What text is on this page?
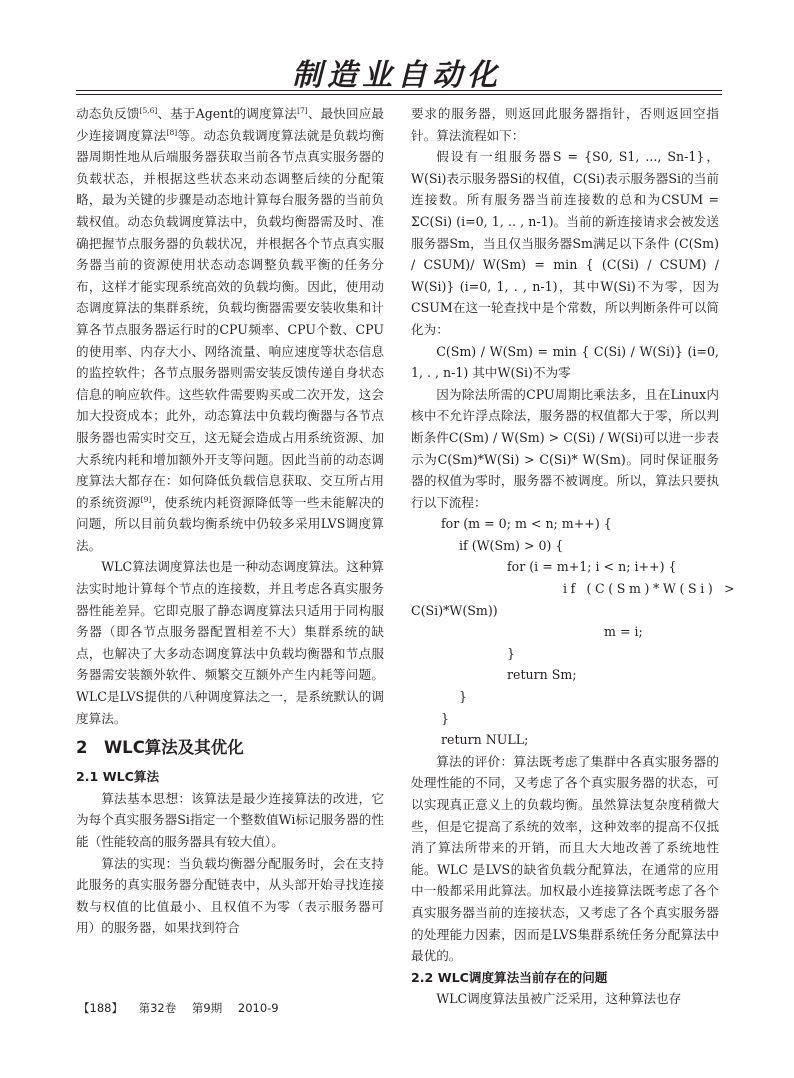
制造业自动化

动态负反馈[5,6]、基于Agent的调度算法[7]、最快回应最少连接调度算法[8]等。动态负载调度算法就是负载均衡器周期性地从后端服务器获取当前各节点真实服务器的负载状态，并根据这些状态来动态调整后续的分配策略，最为关键的步骤是动态地计算每台服务器的当前负载权值。动态负载调度算法中，负载均衡器需及时、准确把握节点服务器的负载状况，并根据各个节点真实服务器当前的资源使用状态动态调整负载平衡的任务分布，这样才能实现系统高效的负载均衡。因此，使用动态调度算法的集群系统，负载均衡器需要安装收集和计算各节点服务器运行时的CPU频率、CPU个数、CPU的使用率、内存大小、网络流量、响应速度等状态信息的监控软件；各节点服务器则需安装反馈传递自身状态信息的响应软件。这些软件需要购买或二次开发，这会加大投资成本；此外，动态算法中负载均衡器与各节点服务器也需实时交互，这无疑会造成占用系统资源、加大系统内耗和增加额外开支等问题。因此当前的动态调度算法大都存在：如何降低负载信息获取、交互所占用的系统资源[9]，使系统内耗资源降低等一些未能解决的问题，所以目前负载均衡系统中仍较多采用LVS调度算法。

WLC算法调度算法也是一种动态调度算法。这种算法实时地计算每个节点的连接数，并且考虑各真实服务器性能差异。它即克服了静态调度算法只适用于同构服务器（即各节点服务器配置相差不大）集群系统的缺点，也解决了大多动态调度算法中负载均衡器和节点服务器需安装额外软件、频繁交互额外产生内耗等问题。WLC是LVS提供的八种调度算法之一，是系统默认的调度算法。

2　WLC算法及其优化
2.1 WLC算法

算法基本思想：该算法是最少连接算法的改进，它为每个真实服务器Si指定一个整数值Wi标记服务器的性能（性能较高的服务器具有较大值）。

算法的实现：当负载均衡器分配服务时，会在支持此服务的真实服务器分配链表中，从头部开始寻找连接数与权值的比值最小、且权值不为零（表示服务器可用）的服务器，如果找到符合

要求的服务器，则返回此服务器指针，否则返回空指针。算法流程如下：

假设有一组服务器S = {S0, S1, ..., Sn-1}，W(Si)表示服务器Si的权值，C(Si)表示服务器Si的当前连接数。所有服务器当前连接数的总和为CSUM = ΣC(Si) (i=0, 1, .. , n-1)。当前的新连接请求会被发送服务器Sm，当且仅当服务器Sm满足以下条件 (C(Sm) / CSUM)/ W(Sm) = min { (C(Si) / CSUM) / W(Si)} (i=0, 1, . , n-1)，其中W(Si)不为零，因为CSUM在这一轮查找中是个常数，所以判断条件可以简化为：

C(Sm) / W(Sm) = min { C(Si) / W(Si)} (i=0, 1, . , n-1) 其中W(Si)不为零

因为除法所需的CPU周期比乘法多，且在Linux内核中不允许浮点除法，服务器的权值都大于零，所以判断条件C(Sm) / W(Sm) > C(Si) / W(Si)可以进一步表示为C(Sm)*W(Si) > C(Si)* W(Sm)。同时保证服务器的权值为零时，服务器不被调度。所以，算法只要执行以下流程：

for (m = 0; m < n; m++) {
if (W(Sm) > 0) {
for (i = m+1; i < n; i++) {
if (C(Sm)*W(Si) >
C(Si)*W(Sm))
m = i;
}
return Sm;
}
}
return NULL;

算法的评价：算法既考虑了集群中各真实服务器的处理性能的不同，又考虑了各个真实服务器的状态，可以实现真正意义上的负载均衡。虽然算法复杂度稍微大些，但是它提高了系统的效率，这种效率的提高不仅抵消了算法所带来的开销，而且大大地改善了系统地性能。WLC 是LVS的缺省负载分配算法，在通常的应用中一般都采用此算法。加权最小连接算法既考虑了各个真实服务器当前的连接状态，又考虑了各个真实服务器的处理能力因素，因而是LVS集群系统任务分配算法中最优的。

2.2 WLC调度算法当前存在的问题

WLC调度算法虽被广泛采用，这种算法也存

【188】 第32卷 第9期 2010-9
